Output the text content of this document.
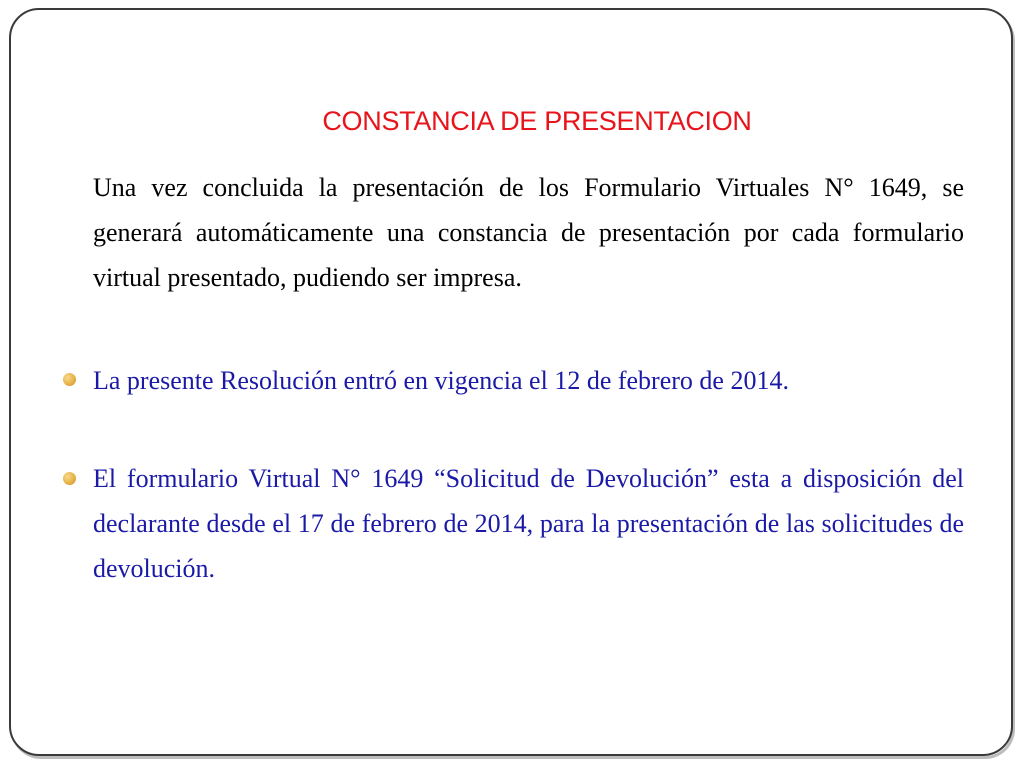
CONSTANCIA DE PRESENTACION
Una vez concluida la presentación de los Formulario Virtuales N° 1649, se generará automáticamente una constancia de presentación por cada formulario virtual presentado, pudiendo ser impresa.
La presente Resolución entró en vigencia el 12 de febrero de 2014.
El formulario Virtual N° 1649 “Solicitud de Devolución” esta a disposición del declarante desde el 17 de febrero de 2014, para la presentación de las solicitudes de devolución.
